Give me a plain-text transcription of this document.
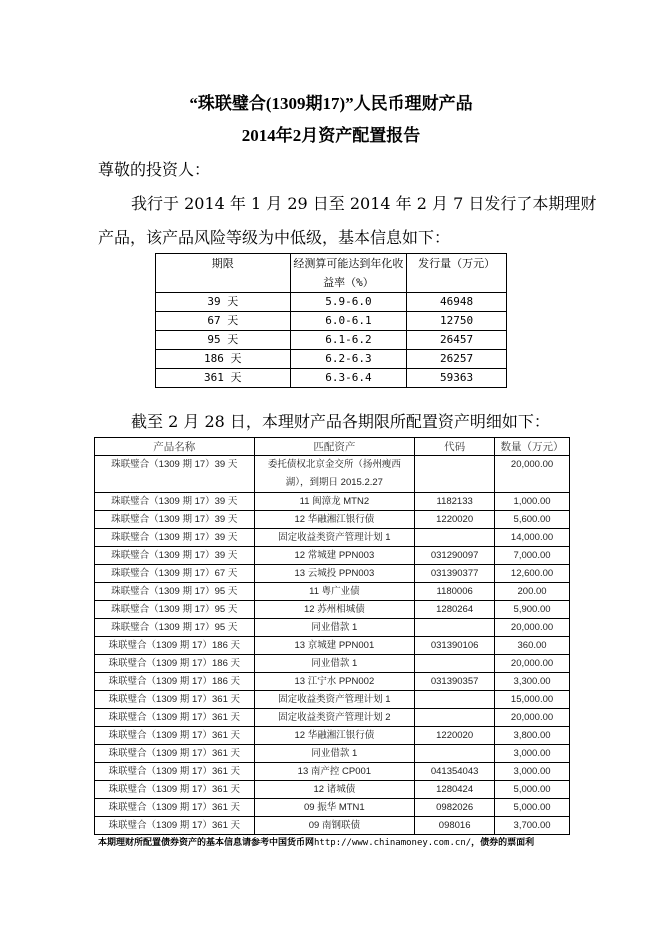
“珠联璧合(1309期17)”人民币理财产品
2014年2月资产配置报告
尊敬的投资人：
我行于 2014 年 1 月 29 日至 2014 年 2 月 7 日发行了本期理财
产品，该产品风险等级为中低级，基本信息如下：
期限	经测算可能达到年化收益率（%）	发行量（万元）
39 天	5.9-6.0	46948
67 天	6.0-6.1	12750
95 天	6.1-6.2	26457
186 天	6.2-6.3	26257
361 天	6.3-6.4	59363
截至 2 月 28 日，本理财产品各期限所配置资产明细如下：
产品名称	匹配资产	代码	数量（万元）
珠联璧合（1309 期 17）39 天	委托债权北京金交所（扬州瘦西湖），到期日 2015.2.27		20,000.00
珠联璧合（1309 期 17）39 天	11 闽漳龙 MTN2	1182133	1,000.00
珠联璧合（1309 期 17）39 天	12 华融湘江银行债	1220020	5,600.00
珠联璧合（1309 期 17）39 天	固定收益类资产管理计划 1		14,000.00
珠联璧合（1309 期 17）39 天	12 常城建 PPN003	031290097	7,000.00
珠联璧合（1309 期 17）67 天	13 云城投 PPN003	031390377	12,600.00
珠联璧合（1309 期 17）95 天	11 粤广业债	1180006	200.00
珠联璧合（1309 期 17）95 天	12 苏州相城债	1280264	5,900.00
珠联璧合（1309 期 17）95 天	同业借款 1		20,000.00
珠联璧合（1309 期 17）186 天	13 京城建 PPN001	031390106	360.00
珠联璧合（1309 期 17）186 天	同业借款 1		20,000.00
珠联璧合（1309 期 17）186 天	13 江宁水 PPN002	031390357	3,300.00
珠联璧合（1309 期 17）361 天	固定收益类资产管理计划 1		15,000.00
珠联璧合（1309 期 17）361 天	固定收益类资产管理计划 2		20,000.00
珠联璧合（1309 期 17）361 天	12 华融湘江银行债	1220020	3,800.00
珠联璧合（1309 期 17）361 天	同业借款 1		3,000.00
珠联璧合（1309 期 17）361 天	13 南产控 CP001	041354043	3,000.00
珠联璧合（1309 期 17）361 天	12 诸城债	1280424	5,000.00
珠联璧合（1309 期 17）361 天	09 振华 MTN1	0982026	5,000.00
珠联璧合（1309 期 17）361 天	09 南钢联债	098016	3,700.00
本期理财所配置债券资产的基本信息请参考中国货币网http://www.chinamoney.com.cn/，债券的票面利
